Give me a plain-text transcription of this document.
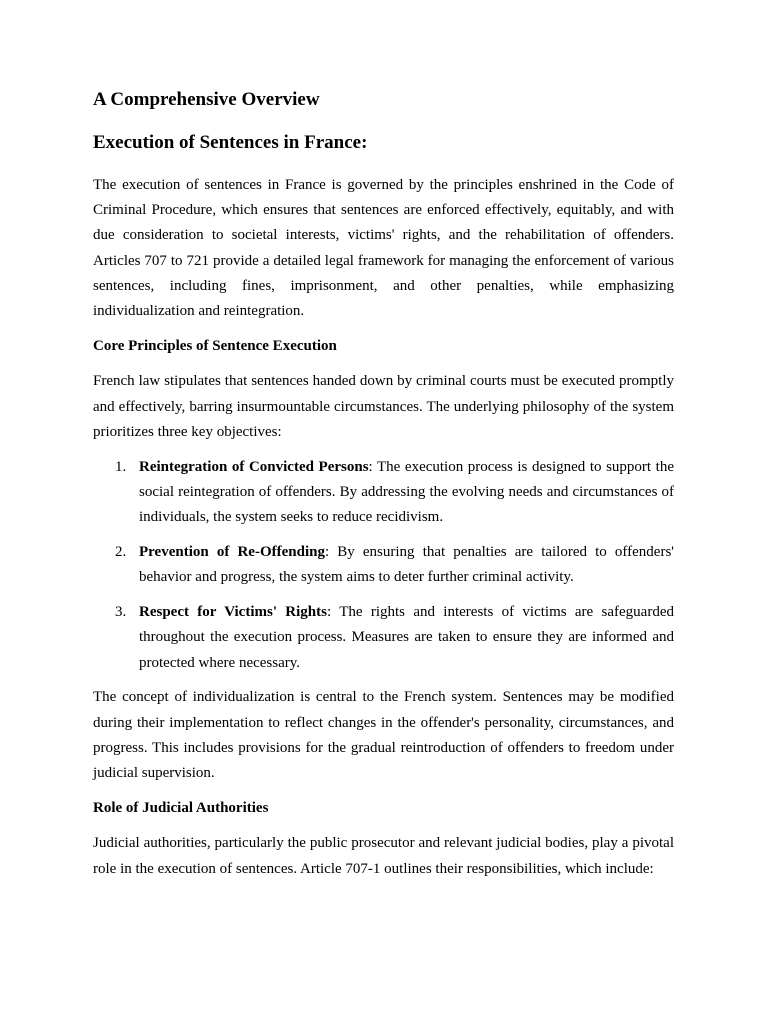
A Comprehensive Overview
Execution of Sentences in France:

The execution of sentences in France is governed by the principles enshrined in the Code of Criminal Procedure, which ensures that sentences are enforced effectively, equitably, and with due consideration to societal interests, victims' rights, and the rehabilitation of offenders. Articles 707 to 721 provide a detailed legal framework for managing the enforcement of various sentences, including fines, imprisonment, and other penalties, while emphasizing individualization and reintegration.

Core Principles of Sentence Execution

French law stipulates that sentences handed down by criminal courts must be executed promptly and effectively, barring insurmountable circumstances. The underlying philosophy of the system prioritizes three key objectives:

1. Reintegration of Convicted Persons: The execution process is designed to support the social reintegration of offenders. By addressing the evolving needs and circumstances of individuals, the system seeks to reduce recidivism.
2. Prevention of Re-Offending: By ensuring that penalties are tailored to offenders' behavior and progress, the system aims to deter further criminal activity.
3. Respect for Victims' Rights: The rights and interests of victims are safeguarded throughout the execution process. Measures are taken to ensure they are informed and protected where necessary.

The concept of individualization is central to the French system. Sentences may be modified during their implementation to reflect changes in the offender's personality, circumstances, and progress. This includes provisions for the gradual reintroduction of offenders to freedom under judicial supervision.

Role of Judicial Authorities

Judicial authorities, particularly the public prosecutor and relevant judicial bodies, play a pivotal role in the execution of sentences. Article 707-1 outlines their responsibilities, which include:
